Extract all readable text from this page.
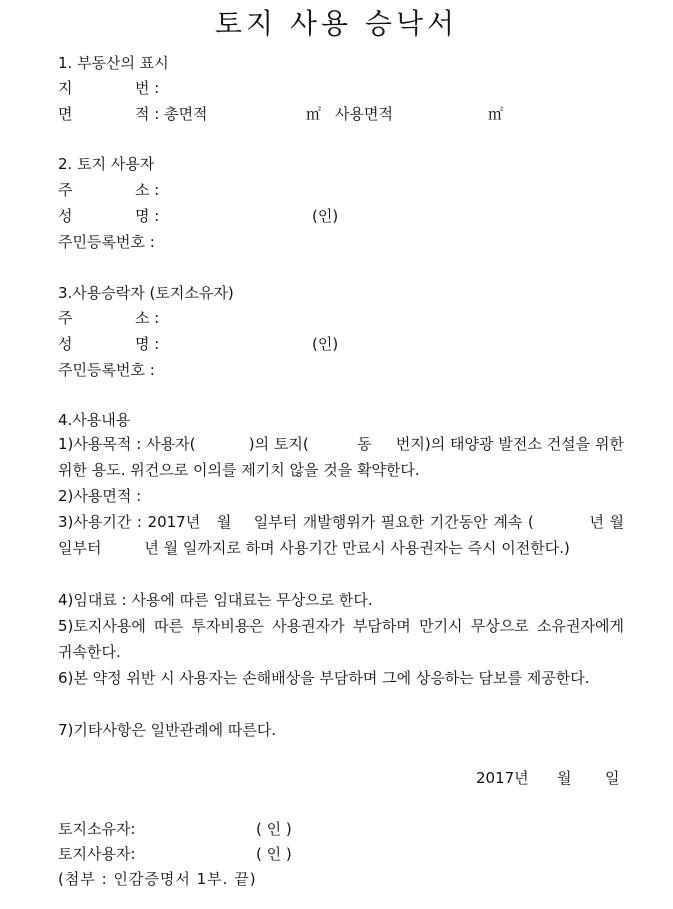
토지 사용 승낙서
1. 부동산의 표시
지	번 :
면	적 : 총면적	㎡ 사용면적	㎡
2. 토지 사용자
주	소 :
성	명 :	(인)
주민등록번호 :
3.사용승락자 (토지소유자)
주	소 :
성	명 :	(인)
주민등록번호 :
4.사용내용
1)사용목적 : 사용자(           )의 토지(          동     번지)의 태양광 발전소 건설을 위한 위한 용도. 위건으로 이의를 제기치 않을 것을 확약한다.
2)사용면적 :
3)사용기간 : 2017년   월    일부터 개발행위가 필요한 기간동안 계속 (          년 월 일부터         년 월 일까지로 하며 사용기간 만료시 사용권자는 즉시 이전한다.)
4)임대료 : 사용에 따른 임대료는 무상으로 한다.
5)토지사용에 따른 투자비용은 사용권자가 부담하며 만기시 무상으로 소유권자에게 귀속한다.
6)본 약정 위반 시 사용자는 손해배상을 부담하며 그에 상응하는 담보를 제공한다.
7)기타사항은 일반관례에 따른다.
2017년 월 일
토지소유자:	( 인 )
토지사용자:	( 인 )
(첨부 : 인감증명서 1부. 끝)
